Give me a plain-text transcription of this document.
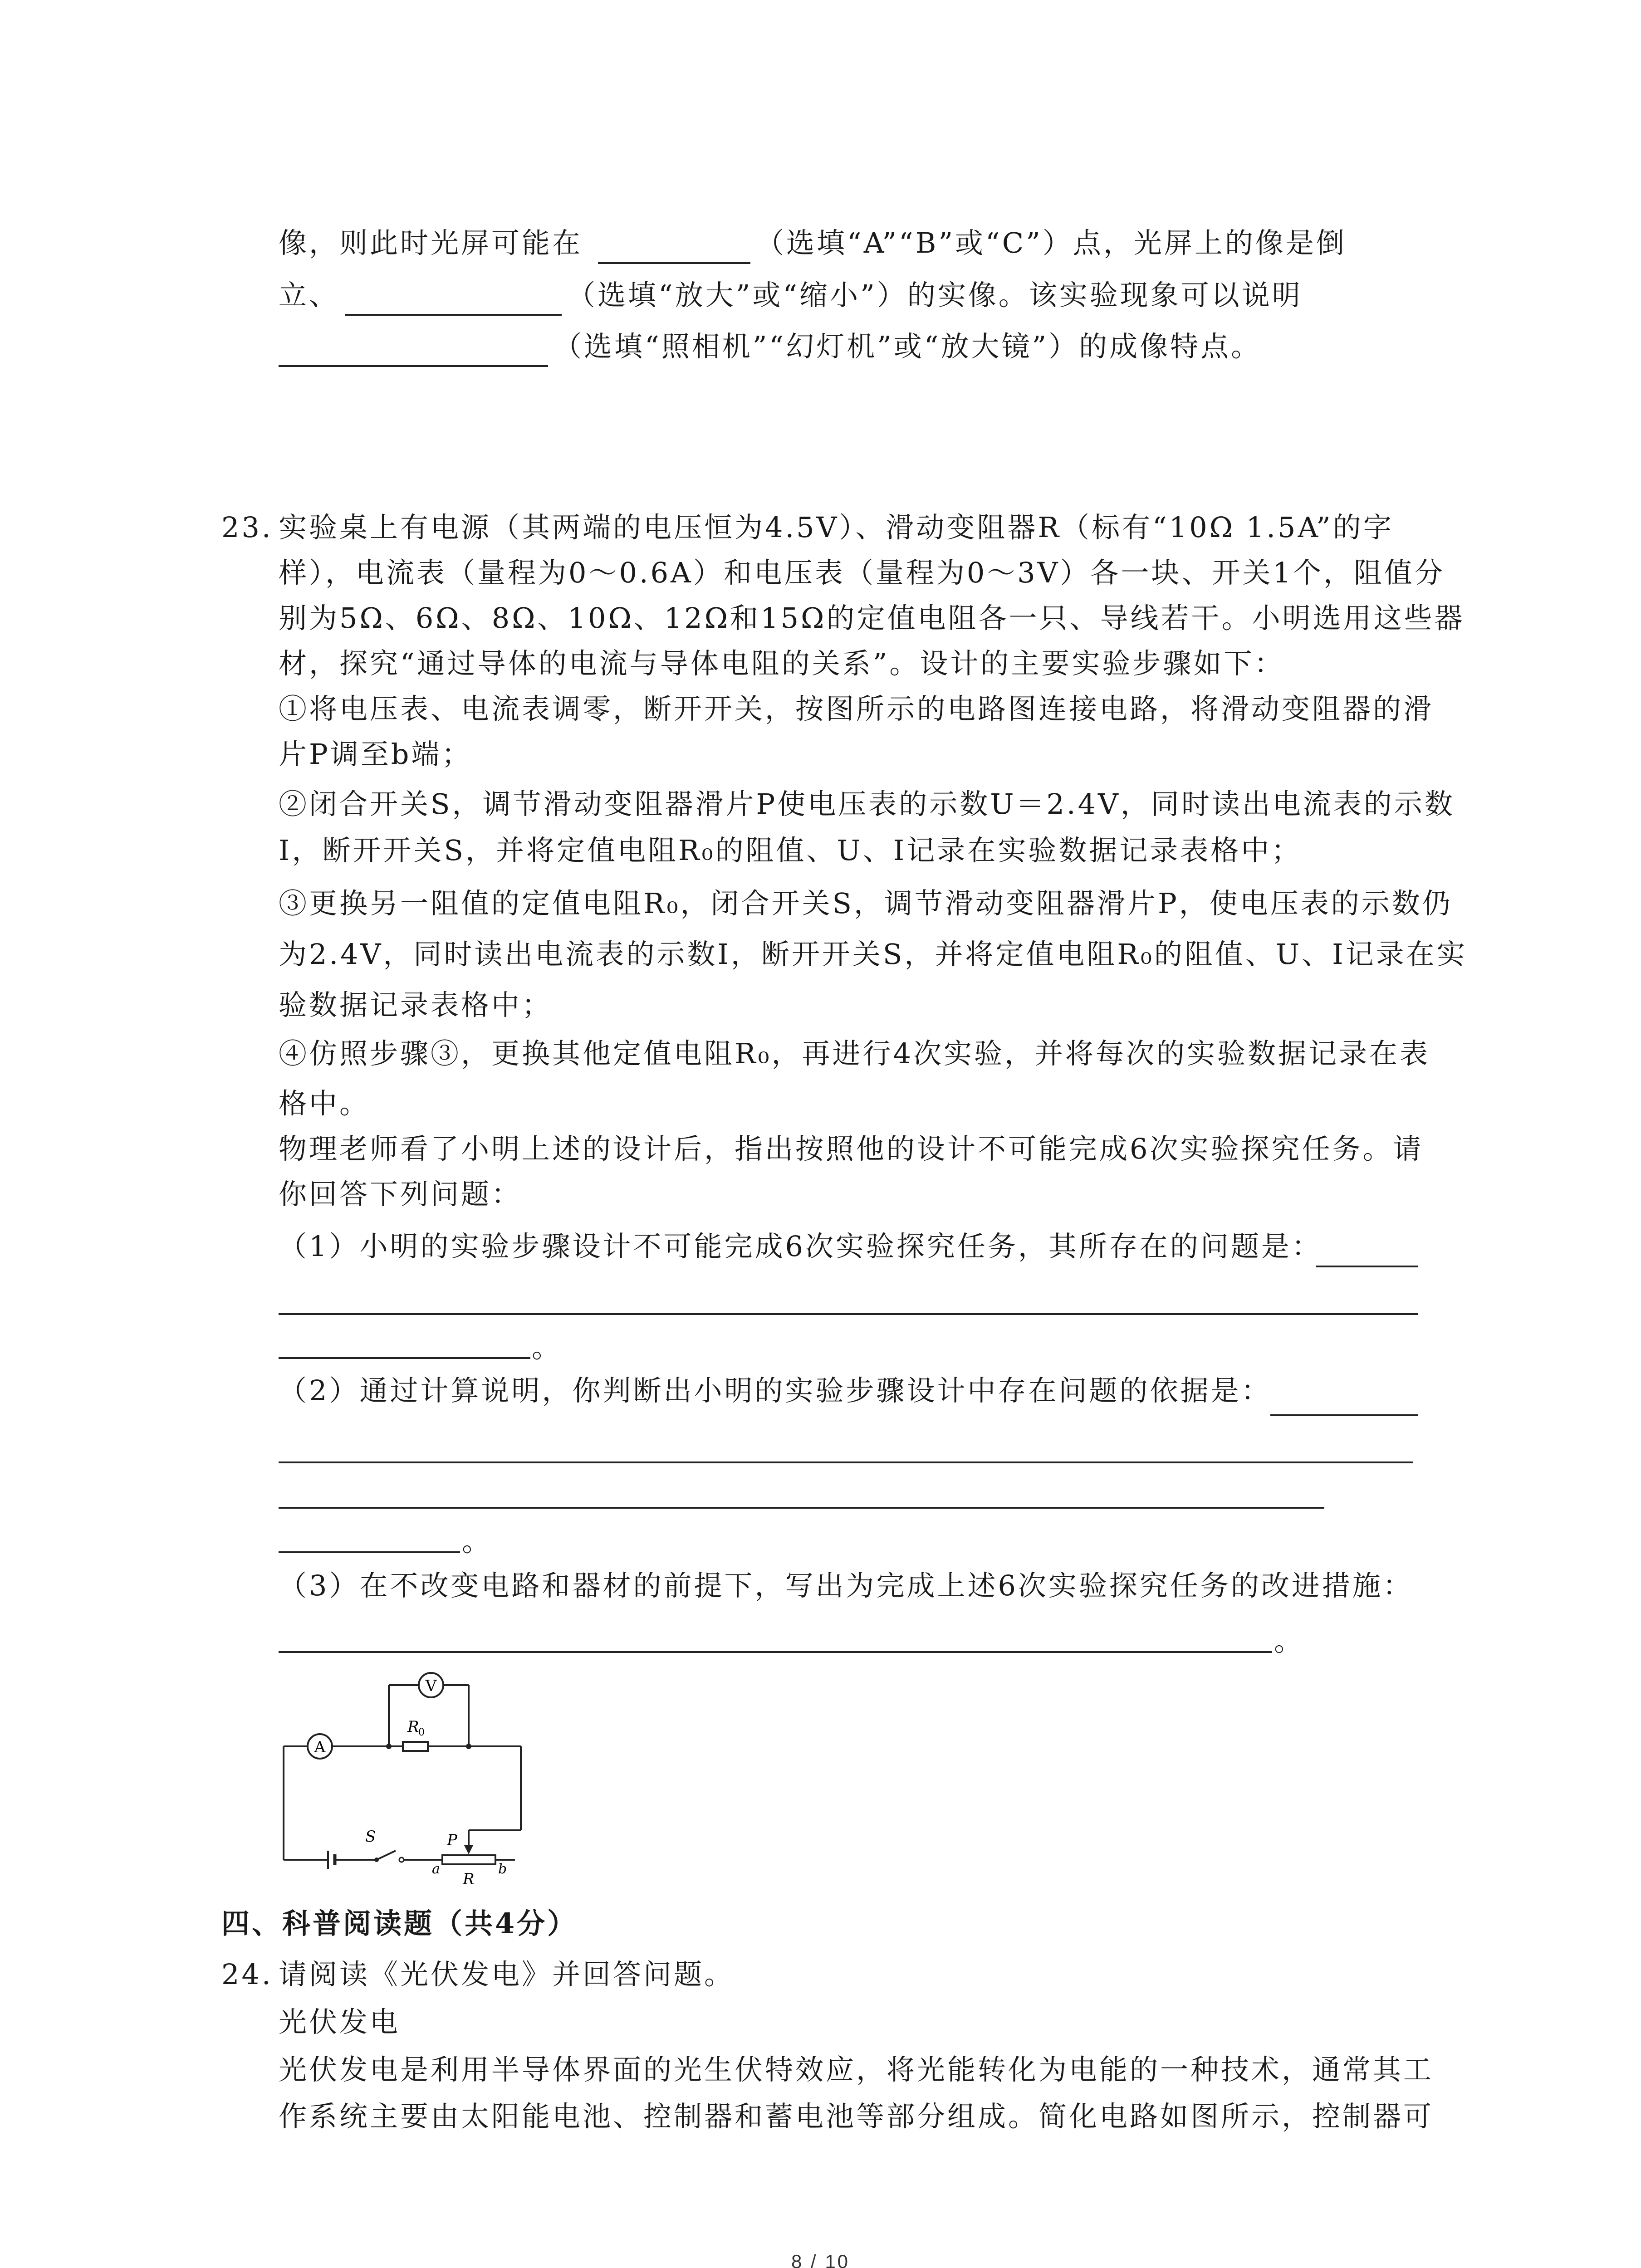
像，则此时光屏可能在	（选填“A”“B”或“C”）点，光屏上的像是倒
立、	（选填“放大”或“缩小”）的实像。该实验现象可以说明
（选填“照相机”“幻灯机”或“放大镜”）的成像特点。
23. 实验桌上有电源（其两端的电压恒为4.5V）、滑动变阻器R（标有“10Ω 1.5A”的字
样），电流表（量程为0～0.6A）和电压表（量程为0～3V）各一块、开关1个，阻值分
别为5Ω、6Ω、8Ω、10Ω、12Ω和15Ω的定值电阻各一只、导线若干。小明选用这些器
材，探究“通过导体的电流与导体电阻的关系”。设计的主要实验步骤如下：
①将电压表、电流表调零，断开开关，按图所示的电路图连接电路，将滑动变阻器的滑
片P调至b端；
②闭合开关S，调节滑动变阻器滑片P使电压表的示数U＝2.4V，同时读出电流表的示数
I，断开开关S，并将定值电阻R₀的阻值、U、I记录在实验数据记录表格中；
③更换另一阻值的定值电阻R₀，闭合开关S，调节滑动变阻器滑片P，使电压表的示数仍
为2.4V，同时读出电流表的示数I，断开开关S，并将定值电阻R₀的阻值、U、I记录在实
验数据记录表格中；
④仿照步骤③，更换其他定值电阻R₀，再进行4次实验，并将每次的实验数据记录在表
格中。
物理老师看了小明上述的设计后，指出按照他的设计不可能完成6次实验探究任务。请
你回答下列问题：
（1）小明的实验步骤设计不可能完成6次实验探究任务，其所存在的问题是：
。
（2）通过计算说明，你判断出小明的实验步骤设计中存在问题的依据是：
。
（3）在不改变电路和器材的前提下，写出为完成上述6次实验探究任务的改进措施：
。
V
A
R
0
S	P
a	b
R
四、科普阅读题（共4分）
24. 请阅读《光伏发电》并回答问题。
光伏发电
光伏发电是利用半导体界面的光生伏特效应，将光能转化为电能的一种技术，通常其工
作系统主要由太阳能电池、控制器和蓄电池等部分组成。简化电路如图所示，控制器可
8 / 10
